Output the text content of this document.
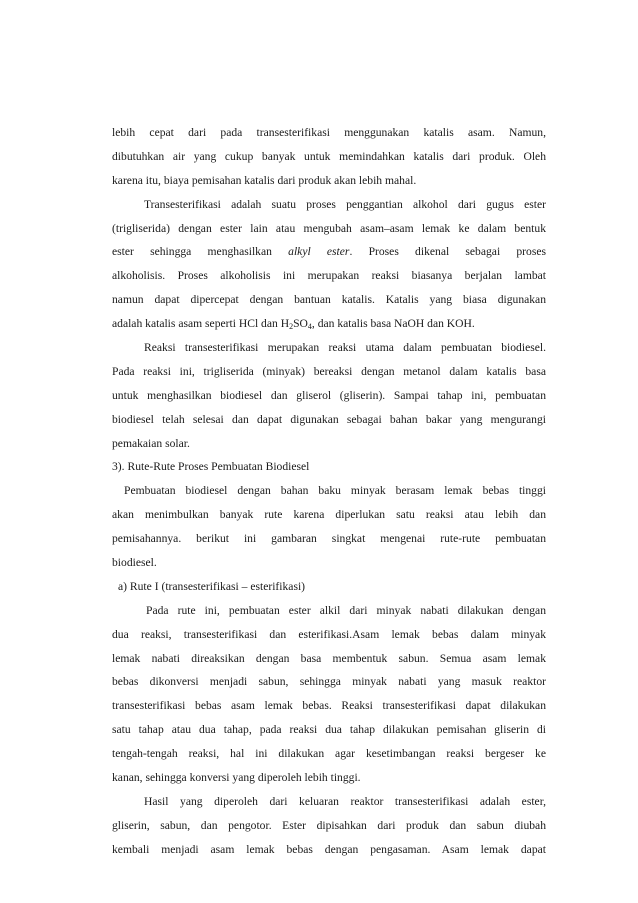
lebih cepat dari pada transesterifikasi menggunakan katalis asam. Namun,
dibutuhkan air yang cukup banyak untuk memindahkan katalis dari produk. Oleh
karena itu, biaya pemisahan katalis dari produk akan lebih mahal.
Transesterifikasi adalah suatu proses penggantian alkohol dari gugus ester
(trigliserida) dengan ester lain atau mengubah asam–asam lemak ke dalam bentuk
ester sehingga menghasilkan alkyl ester. Proses dikenal sebagai proses
alkoholisis. Proses alkoholisis ini merupakan reaksi biasanya berjalan lambat
namun dapat dipercepat dengan bantuan katalis. Katalis yang biasa digunakan
adalah katalis asam seperti HCl dan $H_2SO_4$, dan katalis basa NaOH dan KOH.
Reaksi transesterifikasi merupakan reaksi utama dalam pembuatan biodiesel.
Pada reaksi ini, trigliserida (minyak) bereaksi dengan metanol dalam katalis basa
untuk menghasilkan biodiesel dan gliserol (gliserin). Sampai tahap ini, pembuatan
biodiesel telah selesai dan dapat digunakan sebagai bahan bakar yang mengurangi
pemakaian solar.
3). Rute-Rute Proses Pembuatan Biodiesel
Pembuatan biodiesel dengan bahan baku minyak berasam lemak bebas tinggi
akan menimbulkan banyak rute karena diperlukan satu reaksi atau lebih dan
pemisahannya. berikut ini gambaran singkat mengenai rute-rute pembuatan
biodiesel.
a) Rute I (transesterifikasi – esterifikasi)
Pada rute ini, pembuatan ester alkil dari minyak nabati dilakukan dengan
dua reaksi, transesterifikasi dan esterifikasi.Asam lemak bebas dalam minyak
lemak nabati direaksikan dengan basa membentuk sabun. Semua asam lemak
bebas dikonversi menjadi sabun, sehingga minyak nabati yang masuk reaktor
transesterifikasi bebas asam lemak bebas. Reaksi transesterifikasi dapat dilakukan
satu tahap atau dua tahap, pada reaksi dua tahap dilakukan pemisahan gliserin di
tengah-tengah reaksi, hal ini dilakukan agar kesetimbangan reaksi bergeser ke
kanan, sehingga konversi yang diperoleh lebih tinggi.
Hasil yang diperoleh dari keluaran reaktor transesterifikasi adalah ester,
gliserin, sabun, dan pengotor. Ester dipisahkan dari produk dan sabun diubah
kembali menjadi asam lemak bebas dengan pengasaman. Asam lemak dapat
